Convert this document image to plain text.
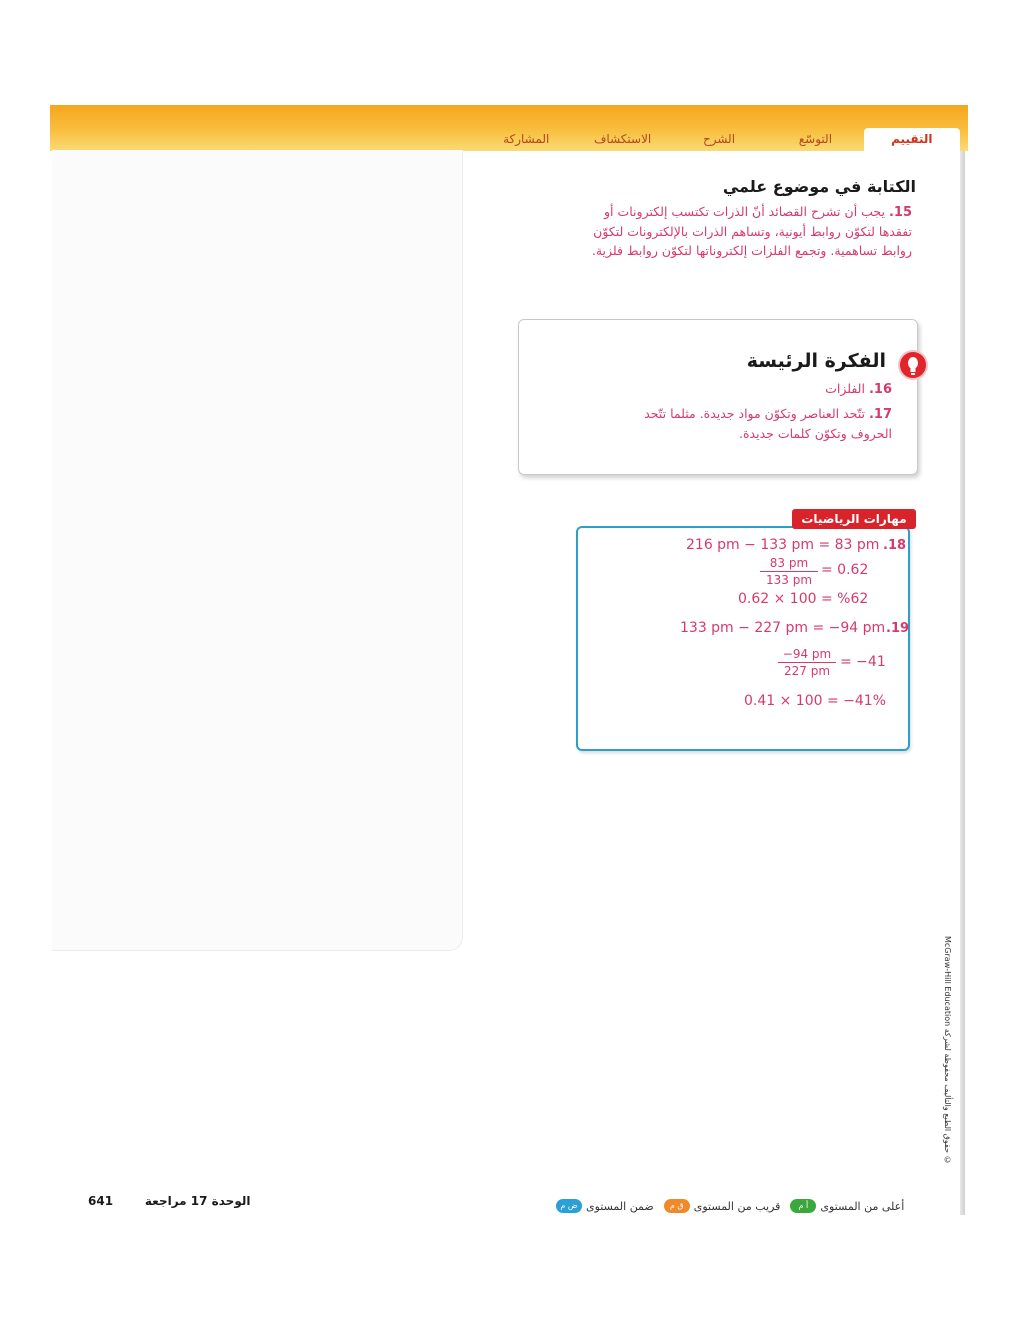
المشاركة	الاستكشاف	الشرح	التوسّع	التقييم
الكتابة في موضوع علمي
15. يجب أن تشرح القصائد أنّ الذرات تكتسب إلكترونات أو تفقدها لتكوّن روابط أيونية، وتساهم الذرات بالإلكترونات لتكوّن روابط تساهمية. وتجمع الفلزات إلكتروناتها لتكوّن روابط فلزية.
الفكرة الرئيسة
16. الفلزات
17. تتّحد العناصر وتكوّن مواد جديدة. مثلما تتّحد الحروف وتكوّن كلمات جديدة.
مهارات الرياضيات
.18
216 pm − 133 pm = 83 pm
$\frac{83 pm}{133 pm} = 0.62$
0.62 × 100 = %62
.19
133 pm − 227 pm = −94 pm
$\frac{-94 pm}{227 pm} = -41$
0.41 × 100 = −41%
© حقوق الطبع والتأليف محفوظة لشركة McGraw-Hill Education
641	الوحدة 17 مراجعة	ض م ضمن المستوى	ق م قريب من المستوى	أ م	أعلى من المستوى
